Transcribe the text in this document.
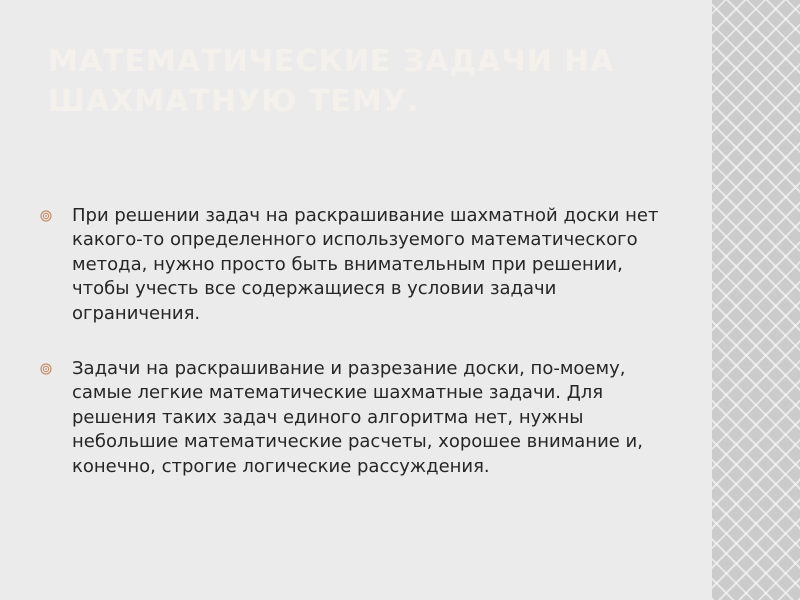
МАТЕМАТИЧЕСКИЕ ЗАДАЧИ НА ШАХМАТНУЮ ТЕМУ.
При решении задач на раскрашивание шахматной доски нет какого-то определенного используемого математического метода, нужно просто быть внимательным при решении, чтобы учесть все содержащиеся в условии задачи ограничения.
Задачи на раскрашивание и разрезание доски, по-моему, самые легкие математические шахматные задачи. Для решения таких задач единого алгоритма нет, нужны небольшие математические расчеты, хорошее внимание и, конечно, строгие логические рассуждения.
